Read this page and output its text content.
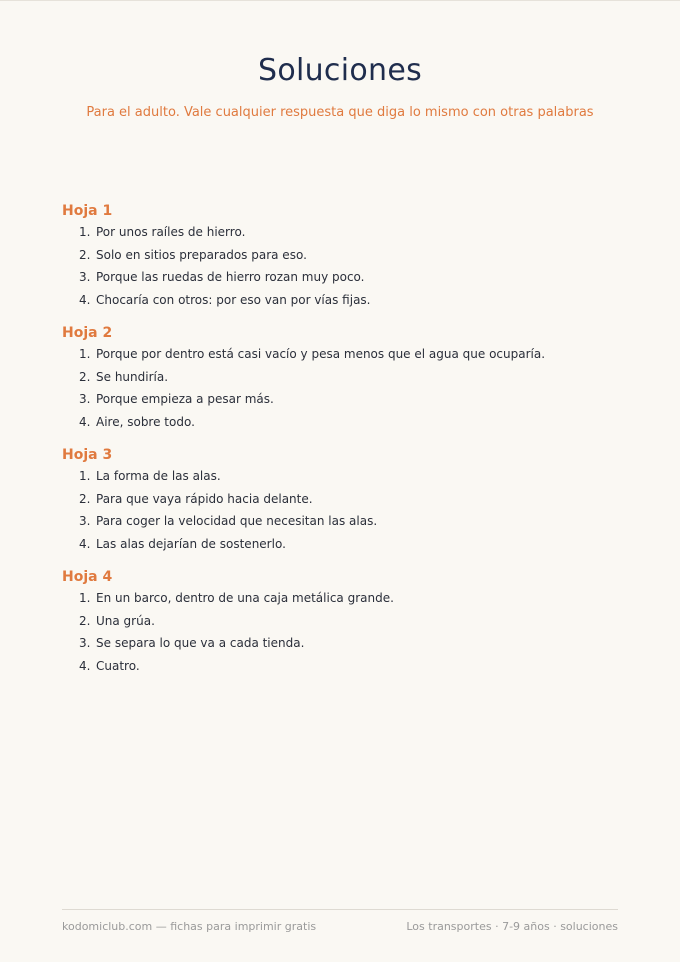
Soluciones

Para el adulto. Vale cualquier respuesta que diga lo mismo con otras palabras

Hoja 1
1. Por unos raíles de hierro.
2. Solo en sitios preparados para eso.
3. Porque las ruedas de hierro rozan muy poco.
4. Chocaría con otros: por eso van por vías fijas.
Hoja 2
1. Porque por dentro está casi vacío y pesa menos que el agua que ocuparía.
2. Se hundiría.
3. Porque empieza a pesar más.
4. Aire, sobre todo.
Hoja 3
1. La forma de las alas.
2. Para que vaya rápido hacia delante.
3. Para coger la velocidad que necesitan las alas.
4. Las alas dejarían de sostenerlo.
Hoja 4
1. En un barco, dentro de una caja metálica grande.
2. Una grúa.
3. Se separa lo que va a cada tienda.
4. Cuatro.
kodomiclub.com — fichas para imprimir gratis	Los transportes · 7-9 años · soluciones
